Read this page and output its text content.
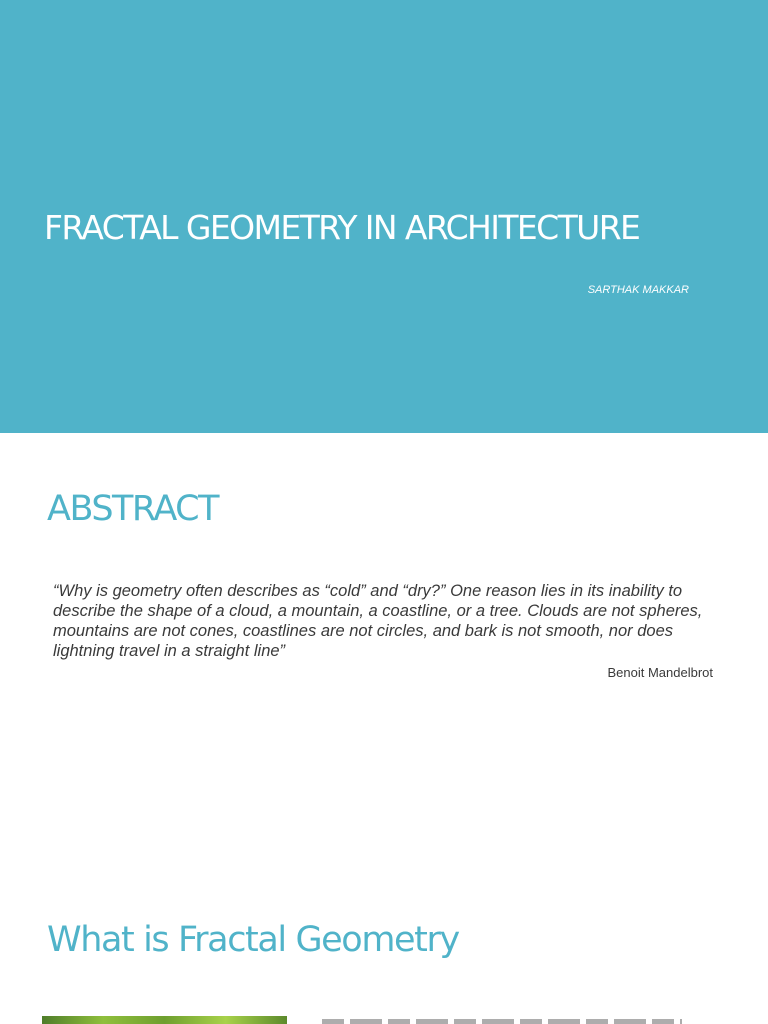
FRACTAL GEOMETRY IN ARCHITECTURE

SARTHAK MAKKAR

ABSTRACT

“Why is geometry often describes as “cold” and “dry?” One reason lies in its inability to describe the shape of a cloud, a mountain, a coastline, or a tree. Clouds are not spheres, mountains are not cones, coastlines are not circles, and bark is not smooth, nor does lightning travel in a straight line”

Benoit Mandelbrot

What is Fractal Geometry
